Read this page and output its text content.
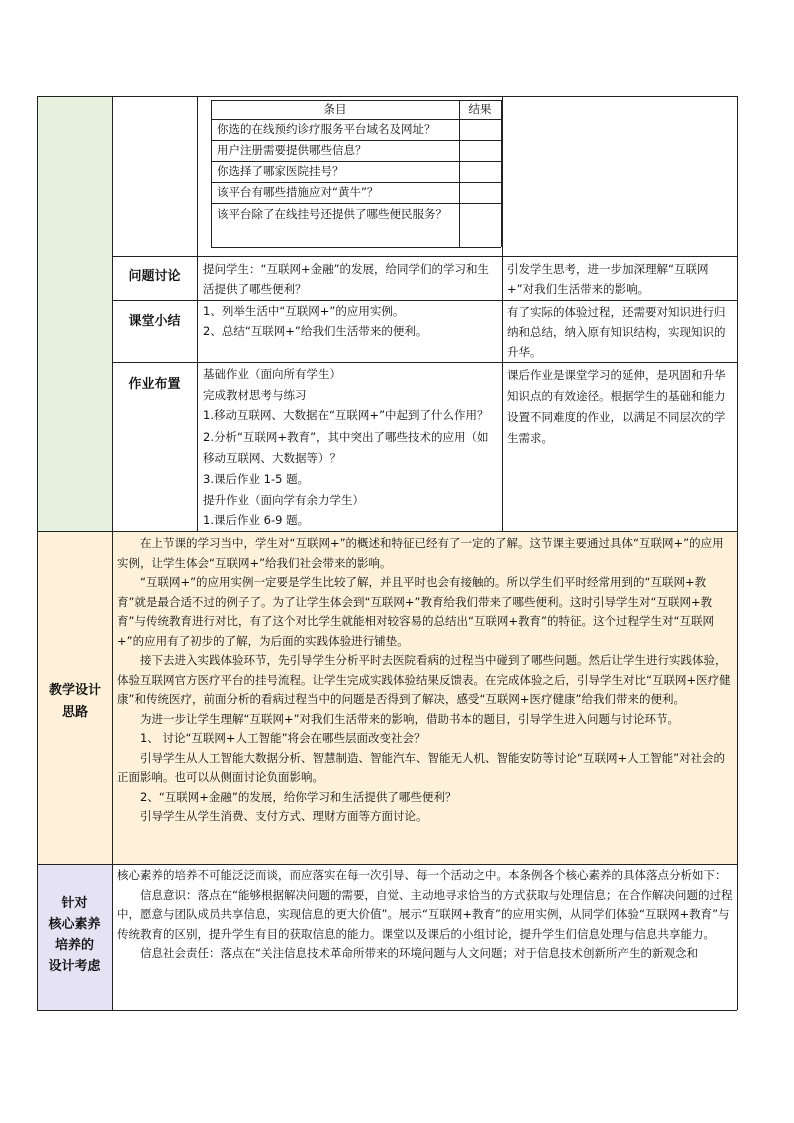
条目	结果
你选的在线预约诊疗服务平台域名及网址？
用户注册需要提供哪些信息？
你选择了哪家医院挂号？
该平台有哪些措施应对“黄牛”？
该平台除了在线挂号还提供了哪些便民服务？
问题讨论	提问学生：“互联网+金融”的发展，给同学们的学习和生活提供了哪些便利？
引发学生思考，进一步加深理解“互联网+”对我们生活带来的影响。
课堂小结
1、列举生活中“互联网+”的应用实例。
2、总结“互联网+”给我们生活带来的便利。
有了实际的体验过程，还需要对知识进行归纳和总结，纳入原有知识结构，实现知识的升华。
作业布置
基础作业（面向所有学生）
完成教材思考与练习
1.移动互联网、大数据在“互联网+”中起到了什么作用？
2.分析“互联网+教育”，其中突出了哪些技术的应用（如移动互联网、大数据等）？
3.课后作业 1-5 题。
提升作业（面向学有余力学生）
1.课后作业 6-9 题。
课后作业是课堂学习的延伸，是巩固和升华知识点的有效途径。根据学生的基础和能力设置不同难度的作业，以满足不同层次的学生需求。
教学设计思路

在上节课的学习当中，学生对“互联网+”的概述和特征已经有了一定的了解。这节课主要通过具体“互联网+”的应用实例，让学生体会“互联网+”给我们社会带来的影响。

“互联网+”的应用实例一定要是学生比较了解，并且平时也会有接触的。所以学生们平时经常用到的“互联网+教育”就是最合适不过的例子了。为了让学生体会到“互联网+”教育给我们带来了哪些便利。这时引导学生对“互联网+教育”与传统教育进行对比，有了这个对比学生就能相对较容易的总结出“互联网+教育”的特征。这个过程学生对“互联网+”的应用有了初步的了解，为后面的实践体验进行铺垫。

接下去进入实践体验环节，先引导学生分析平时去医院看病的过程当中碰到了哪些问题。然后让学生进行实践体验，体验互联网官方医疗平台的挂号流程。让学生完成实践体验结果反馈表。在完成体验之后，引导学生对比“互联网+医疗健康”和传统医疗，前面分析的看病过程当中的问题是否得到了解决，感受“互联网+医疗健康”给我们带来的便利。

为进一步让学生理解“互联网+”对我们生活带来的影响，借助书本的题目，引导学生进入问题与讨论环节。

1、 讨论“互联网+人工智能”将会在哪些层面改变社会？

引导学生从人工智能大数据分析、智慧制造、智能汽车、智能无人机、智能安防等讨论“互联网+人工智能”对社会的正面影响。也可以从侧面讨论负面影响。

2、“互联网+金融”的发展，给你学习和生活提供了哪些便利？

引导学生从学生消费、支付方式、理财方面等方面讨论。

针对
核心素养
培养的
设计考虑

核心素养的培养不可能泛泛而谈，而应落实在每一次引导、每一个活动之中。本条例各个核心素养的具体落点分析如下：

信息意识：落点在“能够根据解决问题的需要，自觉、主动地寻求恰当的方式获取与处理信息；在合作解决问题的过程中，愿意与团队成员共享信息，实现信息的更大价值”。展示“互联网+教育”的应用实例，从同学们体验“互联网+教育”与传统教育的区别，提升学生有目的获取信息的能力。课堂以及课后的小组讨论，提升学生们信息处理与信息共享能力。

信息社会责任：落点在“关注信息技术革命所带来的环境问题与人文问题；对于信息技术创新所产生的新观念和
